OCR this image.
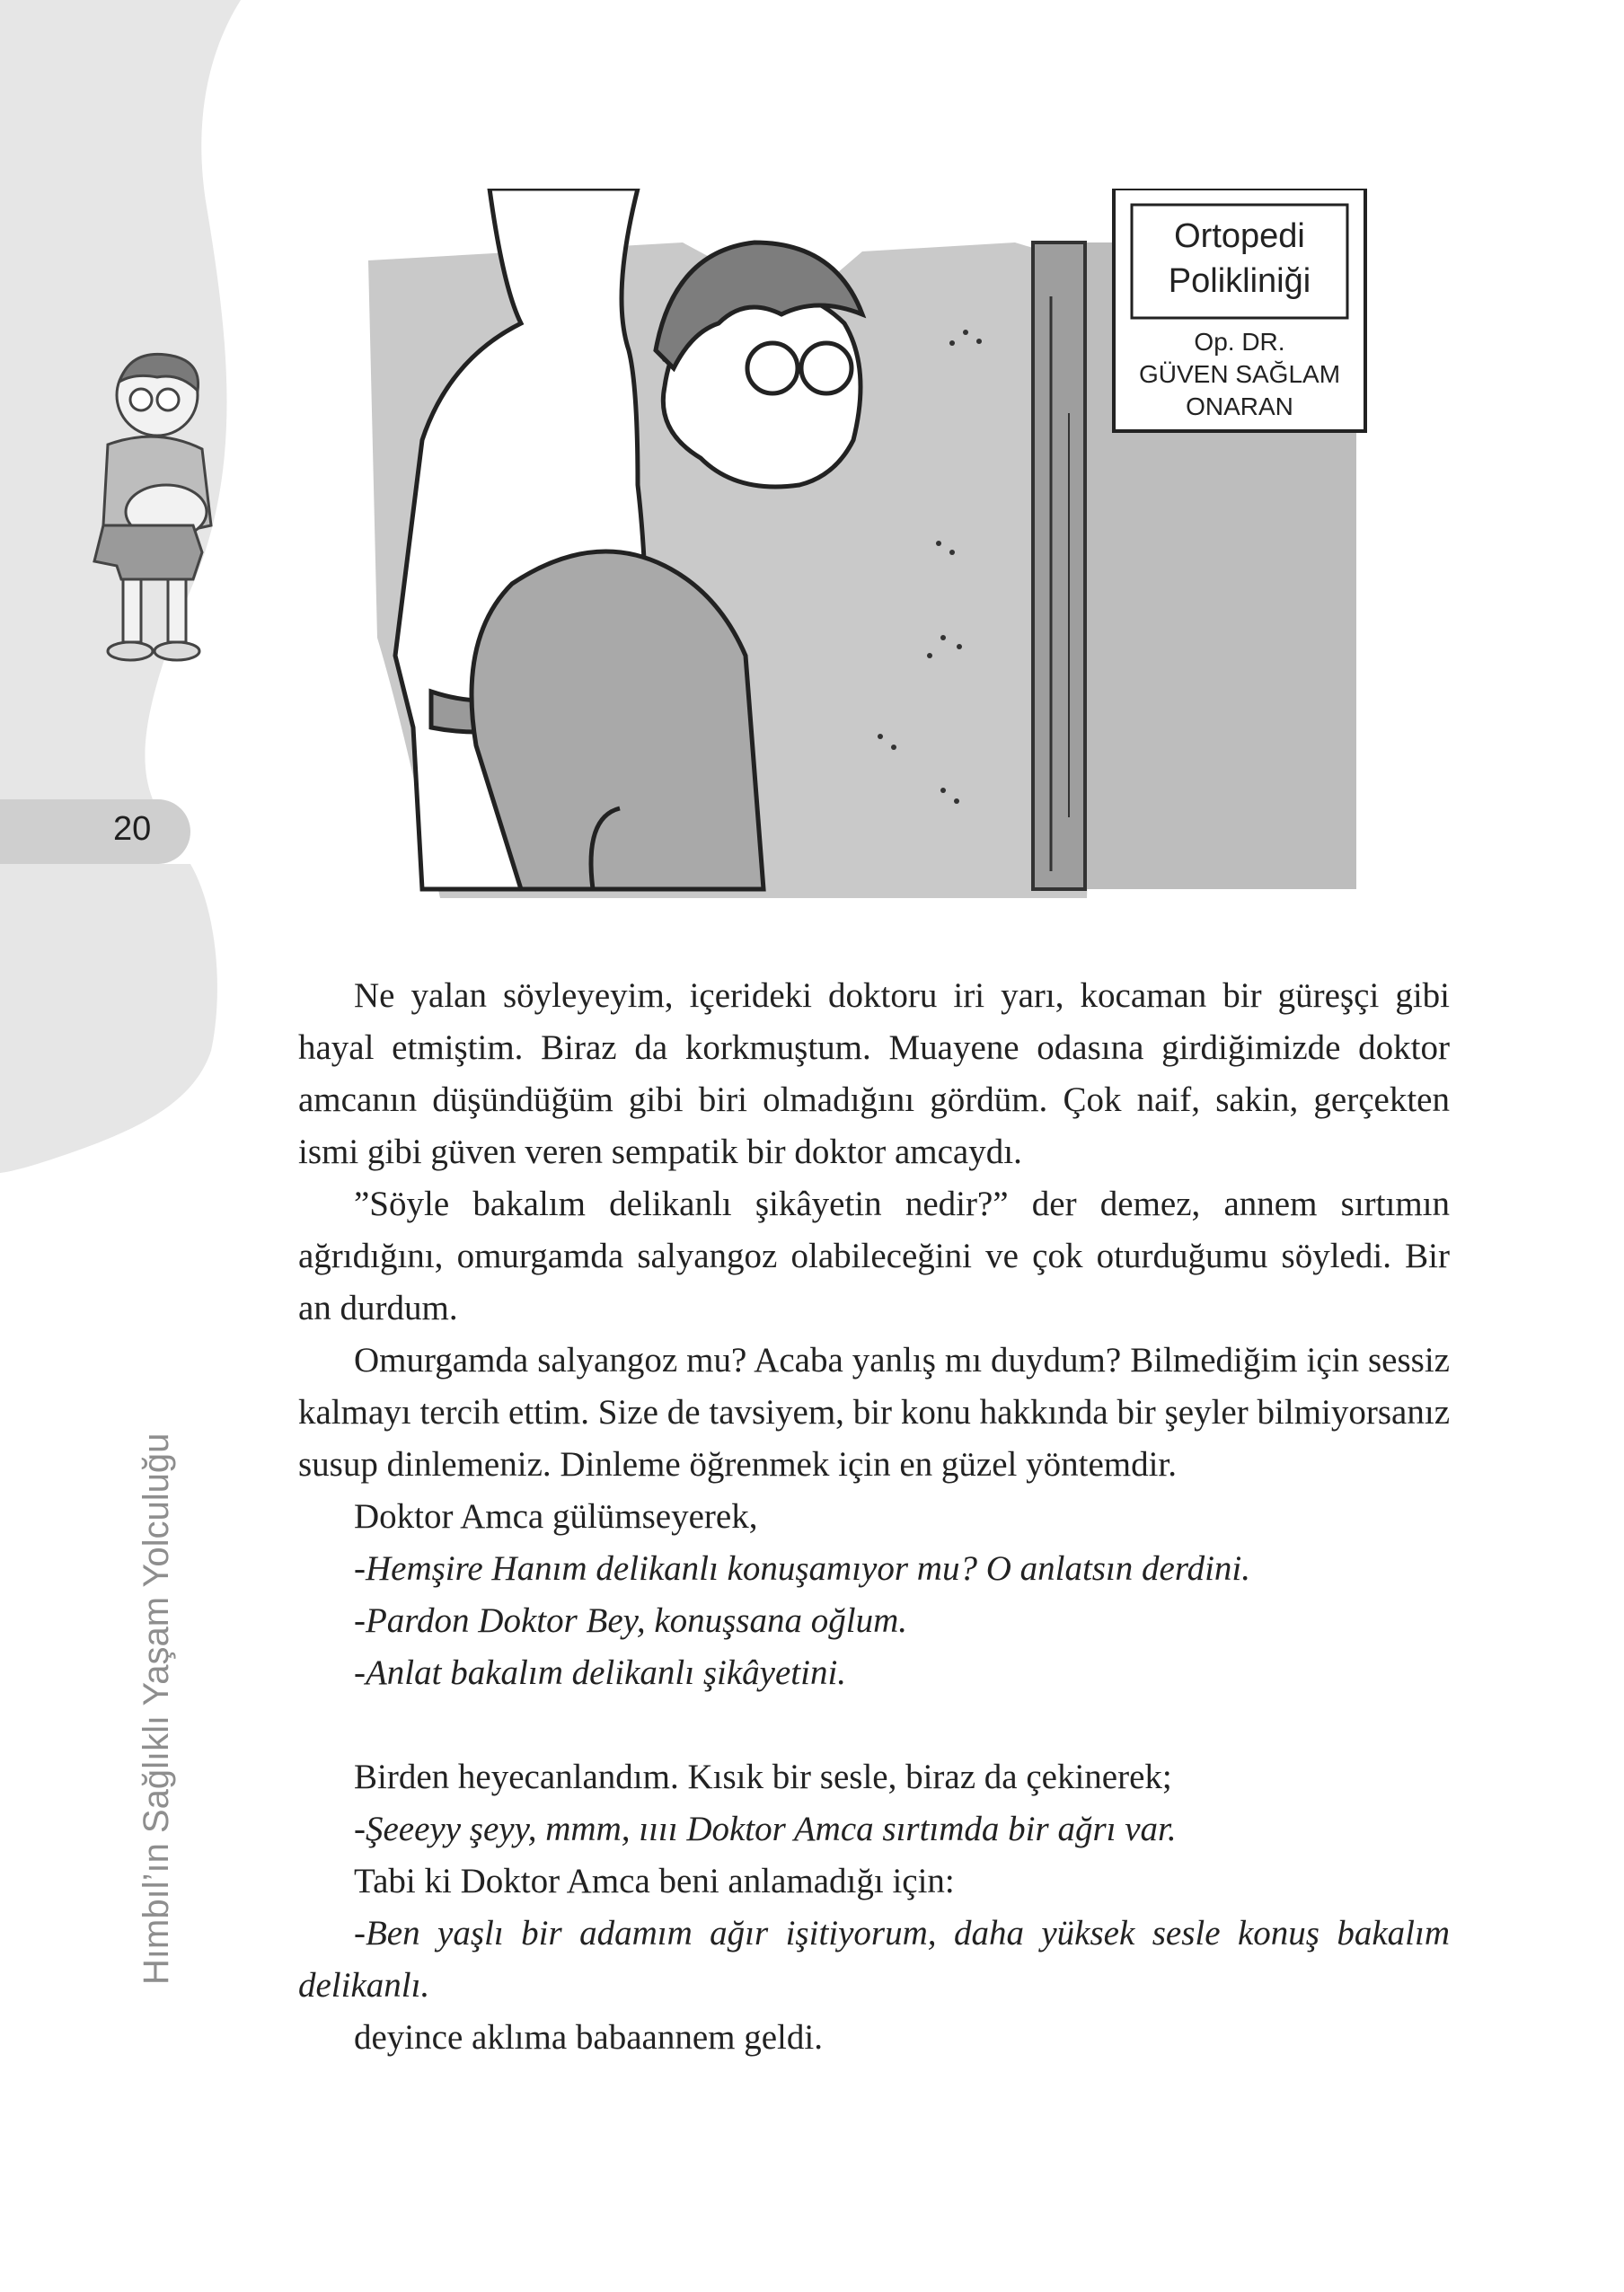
20
Hımbıl’ın Sağlıklı Yaşam Yolculuğu
Ortopedi
Polikliniği
Op. DR.
GÜVEN SAĞLAM
ONARAN

Ne yalan söyleyeyim, içerideki doktoru iri yarı, kocaman bir güreşçi gibi hayal etmiştim. Biraz da korkmuştum. Muayene odasına girdiğimizde doktor amcanın düşündüğüm gibi biri olmadığını gördüm. Çok naif, sakin, gerçekten ismi gibi güven veren sempatik bir doktor amcaydı.

”Söyle bakalım delikanlı şikâyetin nedir?” der demez, annem sırtımın ağrıdığını, omurgamda salyangoz olabileceğini ve çok oturduğumu söyledi. Bir an durdum.

Omurgamda salyangoz mu? Acaba yanlış mı duydum? Bilmediğim için sessiz kalmayı tercih ettim. Size de tavsiyem, bir konu hakkında bir şeyler bilmiyorsanız susup dinlemeniz. Dinleme öğrenmek için en güzel yöntemdir.

Doktor Amca gülümseyerek,

-Hemşire Hanım delikanlı konuşamıyor mu? O anlatsın derdini.

-Pardon Doktor Bey, konuşsana oğlum.

-Anlat bakalım delikanlı şikâyetini.

Birden heyecanlandım. Kısık bir sesle, biraz da çekinerek;

-Şeeeyy şeyy, mmm, ıııı Doktor Amca sırtımda bir ağrı var.

Tabi ki Doktor Amca beni anlamadığı için:

-Ben yaşlı bir adamım ağır işitiyorum, daha yüksek sesle konuş bakalım delikanlı.

deyince aklıma babaannem geldi.
